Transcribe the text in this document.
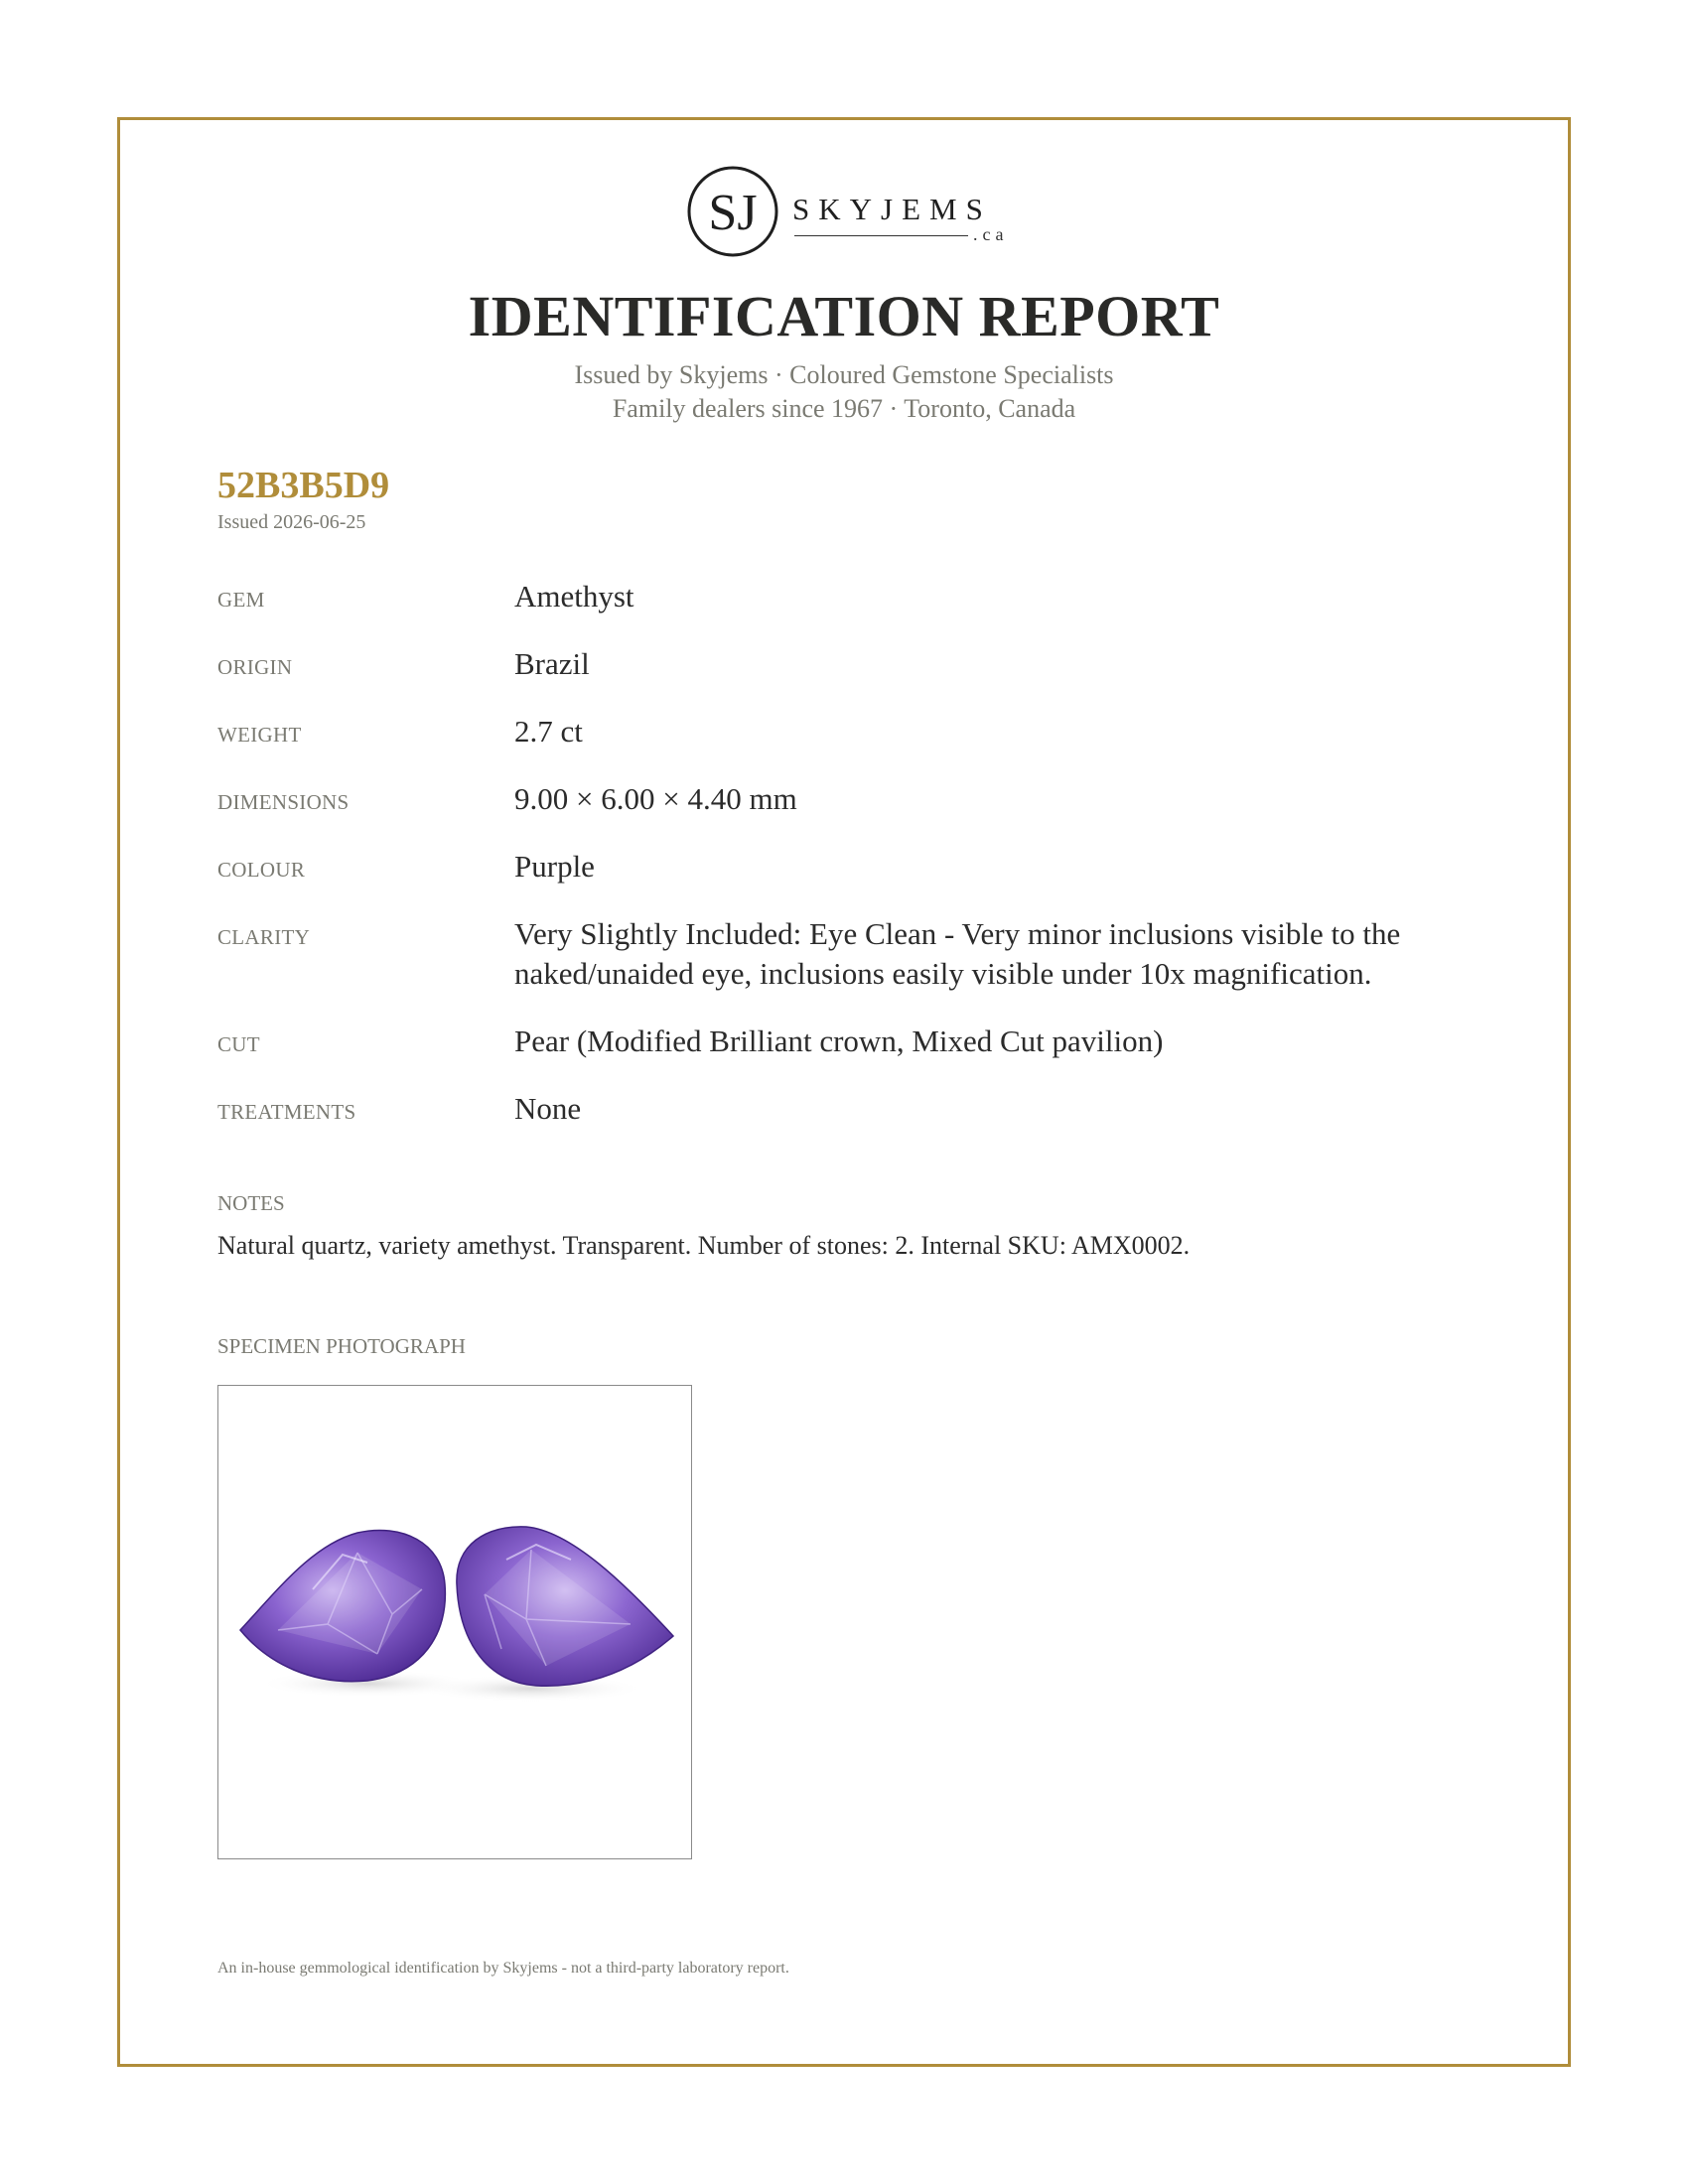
SJ SKYJEMS
.ca
IDENTIFICATION REPORT
Issued by Skyjems · Coloured Gemstone Specialists
Family dealers since 1967 · Toronto, Canada
52B3B5D9
Issued 2026-06-25
GEM	Amethyst
ORIGIN	Brazil
WEIGHT	2.7 ct
DIMENSIONS	9.00 × 6.00 × 4.40 mm
COLOUR	Purple
CLARITY	Very Slightly Included: Eye Clean - Very minor inclusions visible to the naked/unaided eye, inclusions easily visible under 10x magnification.
CUT	Pear (Modified Brilliant crown, Mixed Cut pavilion)
TREATMENTS	None
NOTES
Natural quartz, variety amethyst. Transparent. Number of stones: 2. Internal SKU: AMX0002.
SPECIMEN PHOTOGRAPH
An in-house gemmological identification by Skyjems - not a third-party laboratory report.
